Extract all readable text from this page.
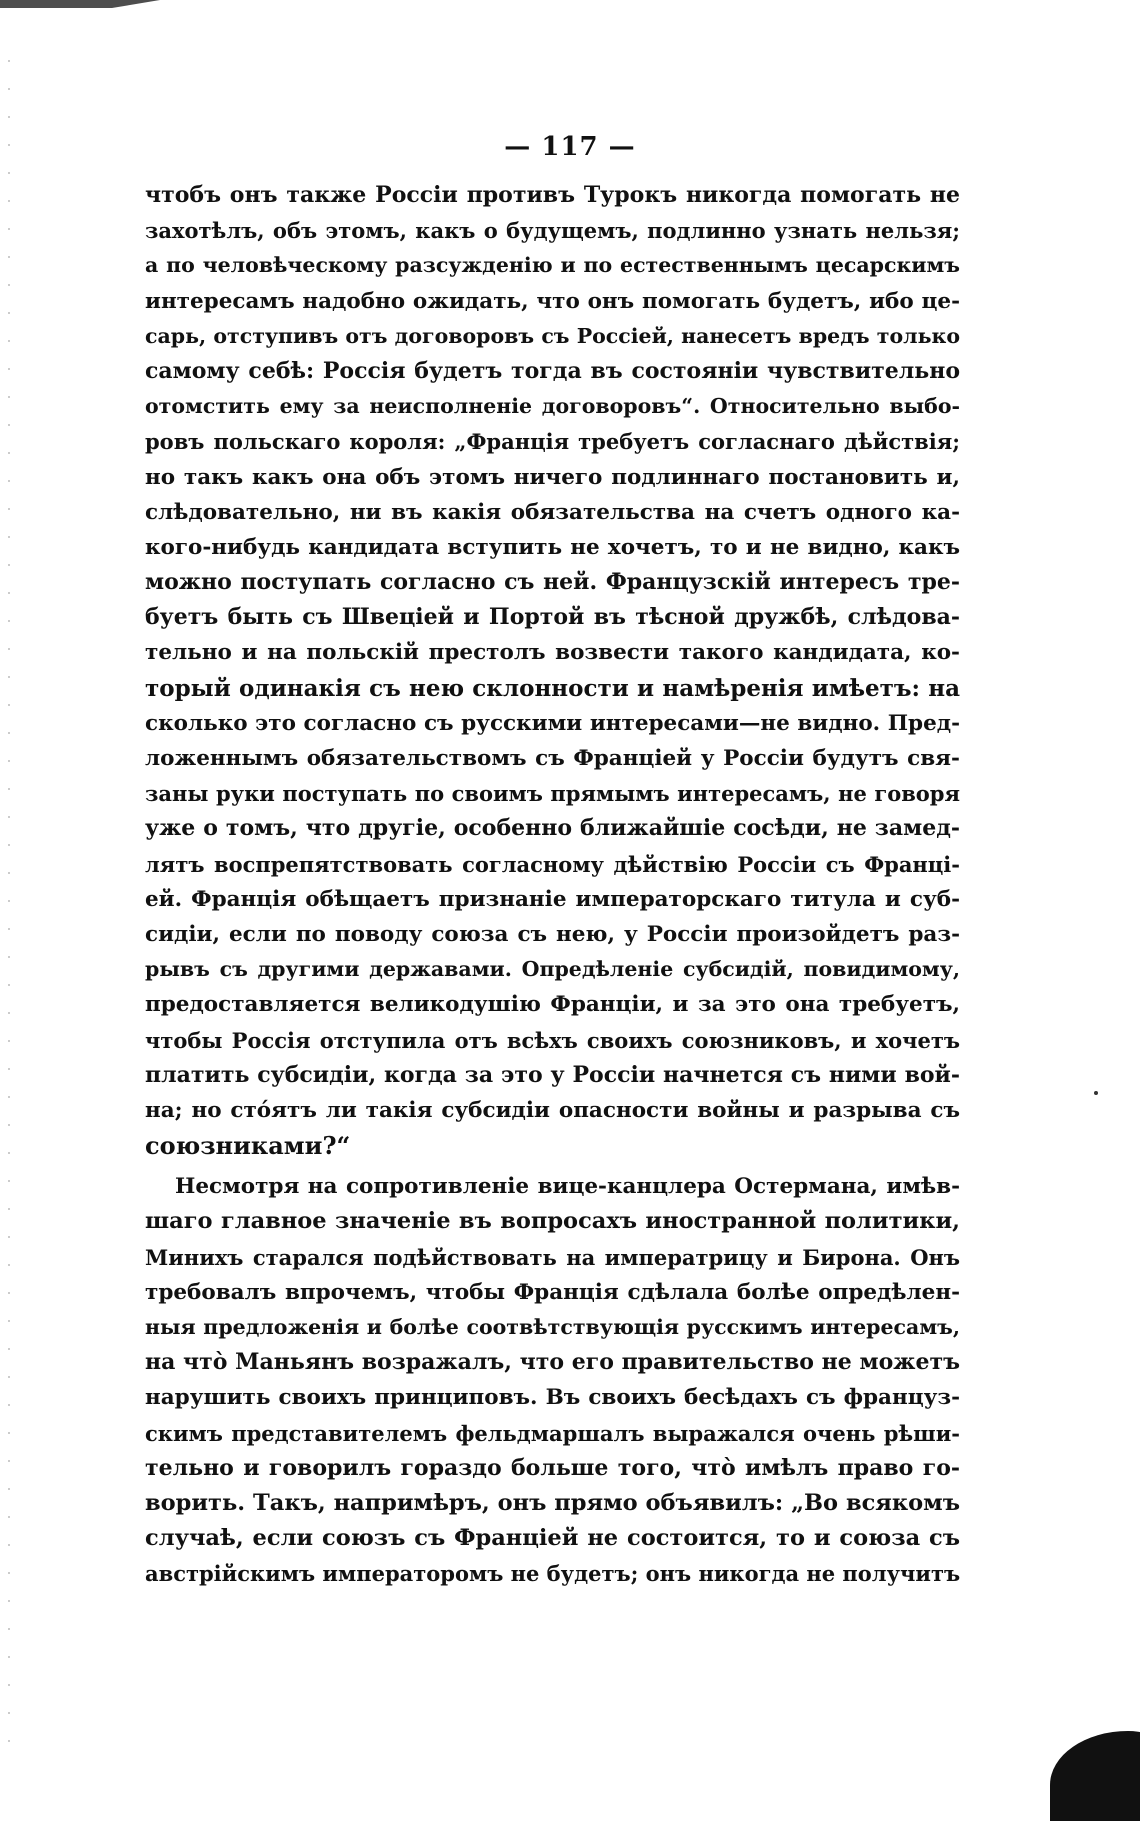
— 117 —
чтобъ онъ также Россіи противъ Турокъ никогда помогать не
захотѣлъ, объ этомъ, какъ о будущемъ, подлинно узнать нельзя;
а по человѣческому разсужденію и по естественнымъ цесарскимъ
интересамъ надобно ожидать, что онъ помогать будетъ, ибо це-
сарь, отступивъ отъ договоровъ съ Россіей, нанесетъ вредъ только
самому себѣ: Россія будетъ тогда въ состояніи чувствительно
отомстить ему за неисполненіе договоровъ“. Относительно выбо-
ровъ польскаго короля: „Франція требуетъ согласнаго дѣйствія;
но такъ какъ она объ этомъ ничего подлиннаго постановить и,
слѣдовательно, ни въ какія обязательства на счетъ одного ка-
кого-нибудь кандидата вступить не хочетъ, то и не видно, какъ
можно поступать согласно съ ней. Французскій интересъ тре-
буетъ быть съ Швеціей и Портой въ тѣсной дружбѣ, слѣдова-
тельно и на польскій престолъ возвести такого кандидата, ко-
торый одинакія съ нею склонности и намѣренія имѣетъ: на
сколько это согласно съ русскими интересами—не видно. Пред-
ложеннымъ обязательствомъ съ Франціей у Россіи будутъ свя-
заны руки поступать по своимъ прямымъ интересамъ, не говоря
уже о томъ, что другіе, особенно ближайшіе сосѣди, не замед-
лятъ воспрепятствовать согласному дѣйствію Россіи съ Франці-
ей. Франція обѣщаетъ признаніе императорскаго титула и суб-
сидіи, если по поводу союза съ нею, у Россіи произойдетъ раз-
рывъ съ другими державами. Опредѣленіе субсидій, повидимому,
предоставляется великодушію Франціи, и за это она требуетъ,
чтобы Россія отступила отъ всѣхъ своихъ союзниковъ, и хочетъ
платить субсидіи, когда за это у Россіи начнется съ ними вой-
на; но стóятъ ли такія субсидіи опасности войны и разрыва съ
союзниками?“
Несмотря на сопротивленіе вице-канцлера Остермана, имѣв-
шаго главное значеніе въ вопросахъ иностранной политики,
Минихъ старался подѣйствовать на императрицу и Бирона. Онъ
требовалъ впрочемъ, чтобы Франція сдѣлала болѣе опредѣлен-
ныя предложенія и болѣе соотвѣтствующія русскимъ интересамъ,
на чтò Маньянъ возражалъ, что его правительство не можетъ
нарушить своихъ принциповъ. Въ своихъ бесѣдахъ съ француз-
скимъ представителемъ фельдмаршалъ выражался очень рѣши-
тельно и говорилъ гораздо больше того, чтò имѣлъ право го-
ворить. Такъ, напримѣръ, онъ прямо объявилъ: „Во всякомъ
случаѣ, если союзъ съ Франціей не состоится, то и союза съ
австрійскимъ императоромъ не будетъ; онъ никогда не получитъ
